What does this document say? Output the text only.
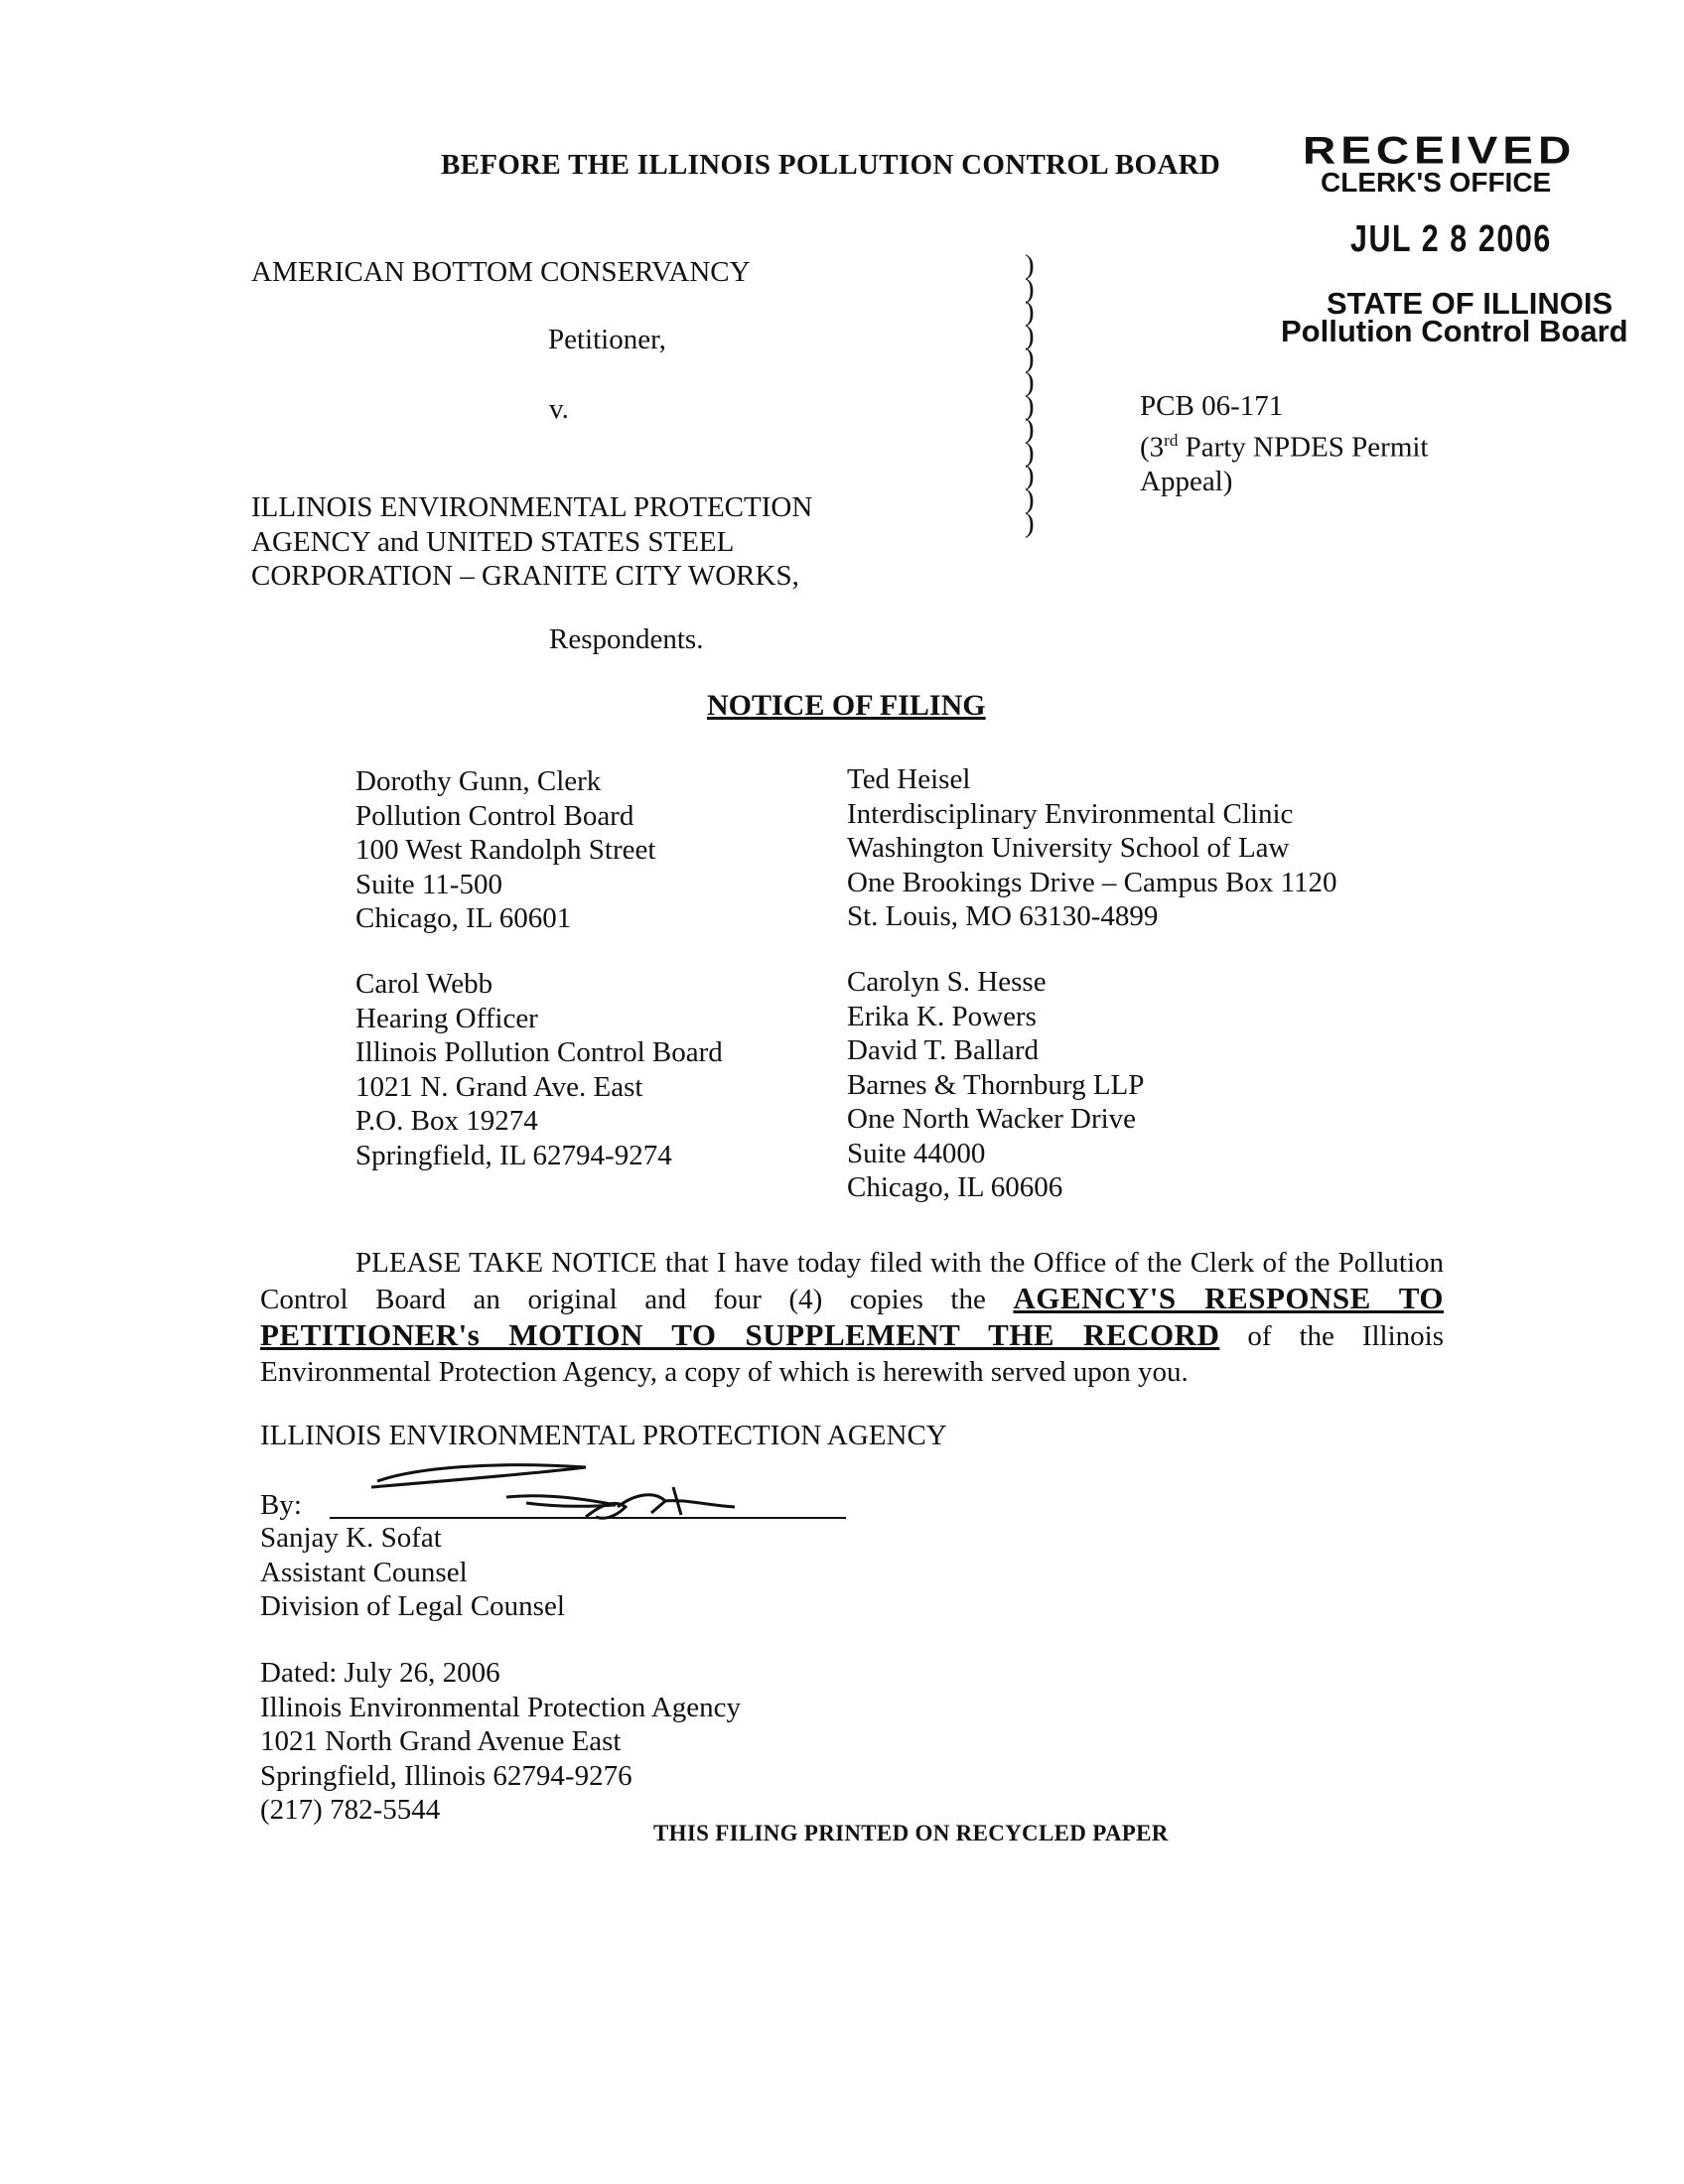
BEFORE THE ILLINOIS POLLUTION CONTROL BOARD RECEIVED
CLERK'S OFFICE
JUL 2 8 2006
STATE OF ILLINOIS
Pollution Control Board
AMERICAN BOTTOM CONSERVANCY
Petitioner,
v.
ILLINOIS ENVIRONMENTAL PROTECTION
AGENCY and UNITED STATES STEEL
CORPORATION – GRANITE CITY WORKS,
Respondents.
)
)
)
)
)
)
)
)
)
)
)
)
PCB 06-171
(3rd Party NPDES Permit
Appeal)
NOTICE OF FILING
Dorothy Gunn, Clerk
Pollution Control Board
100 West Randolph Street
Suite 11-500
Chicago, IL 60601
Ted Heisel
Interdisciplinary Environmental Clinic
Washington University School of Law
One Brookings Drive – Campus Box 1120
St. Louis, MO 63130-4899
Carol Webb
Hearing Officer
Illinois Pollution Control Board
1021 N. Grand Ave. East
P.O. Box 19274
Springfield, IL 62794-9274
Carolyn S. Hesse
Erika K. Powers
David T. Ballard
Barnes & Thornburg LLP
One North Wacker Drive
Suite 44000
Chicago, IL 60606
PLEASE TAKE NOTICE that I have today filed with the Office of the Clerk of the Pollution Control Board an original and four (4) copies the AGENCY'S RESPONSE TO PETITIONER's MOTION TO SUPPLEMENT THE RECORD of the Illinois Environmental Protection Agency, a copy of which is herewith served upon you.
ILLINOIS ENVIRONMENTAL PROTECTION AGENCY
By:
Sanjay K. Sofat
Assistant Counsel
Division of Legal Counsel
Dated: July 26, 2006
Illinois Environmental Protection Agency
1021 North Grand Avenue East
Springfield, Illinois 62794-9276
(217) 782-5544
THIS FILING PRINTED ON RECYCLED PAPER
